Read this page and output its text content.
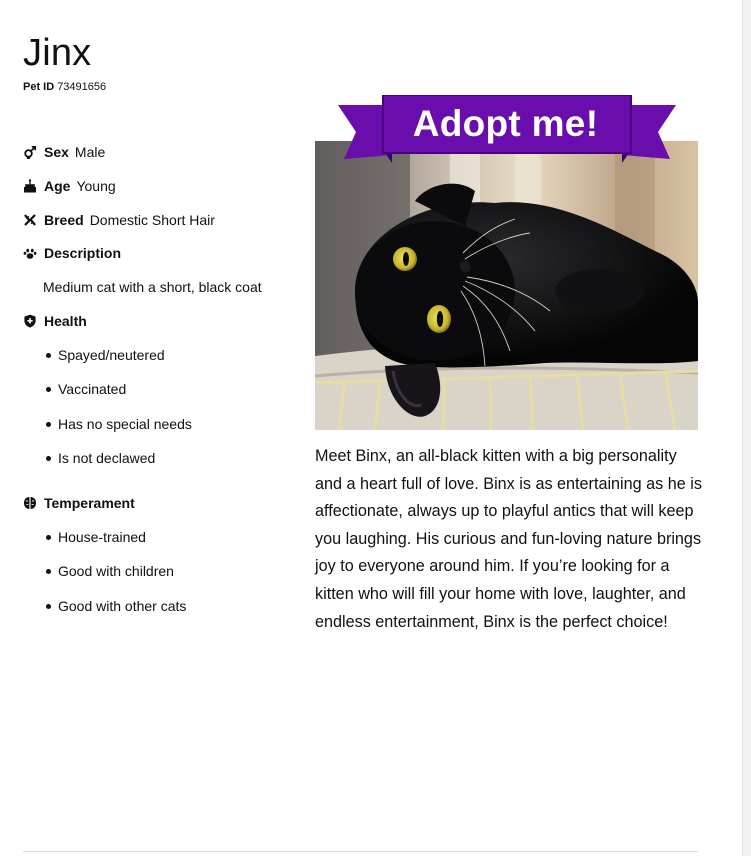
Jinx
Pet ID 73491656
Sex Male
Age Young
Breed Domestic Short Hair
Description
Medium cat with a short, black coat
Health
Spayed/neutered
Vaccinated
Has no special needs
Is not declawed
Temperament
House-trained
Good with children
Good with other cats
Adopt me!

Meet Binx, an all-black kitten with a big personality and a heart full of love. Binx is as entertaining as he is affectionate, always up to playful antics that will keep you laughing. His curious and fun-loving nature brings joy to everyone around him. If you’re looking for a kitten who will fill your home with love, laughter, and endless entertainment, Binx is the perfect choice!
